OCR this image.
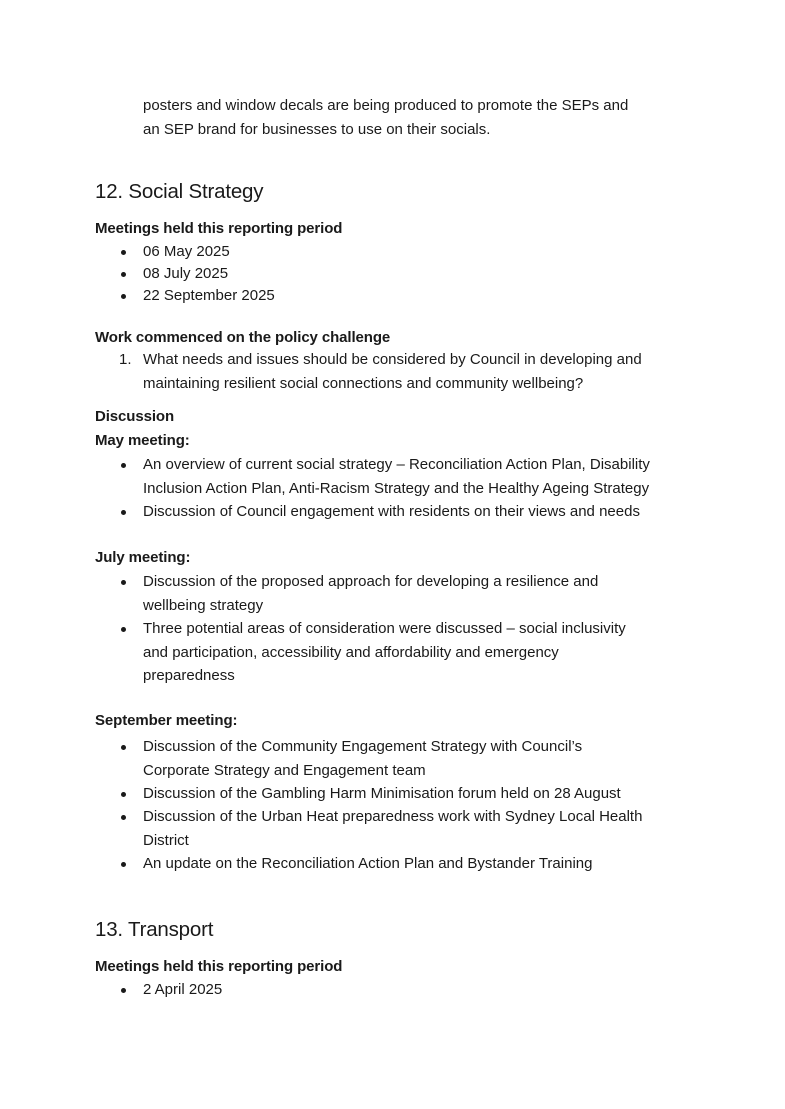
posters and window decals are being produced to promote the SEPs and
an SEP brand for businesses to use on their socials.

12. Social Strategy
Meetings held this reporting period
06 May 2025
08 July 2025
22 September 2025
Work commenced on the policy challenge
1. What needs and issues should be considered by Council in developing and
maintaining resilient social connections and community wellbeing?
Discussion
May meeting:
An overview of current social strategy – Reconciliation Action Plan, Disability
Inclusion Action Plan, Anti-Racism Strategy and the Healthy Ageing Strategy
Discussion of Council engagement with residents on their views and needs
July meeting:
Discussion of the proposed approach for developing a resilience and
wellbeing strategy
Three potential areas of consideration were discussed – social inclusivity
and participation, accessibility and affordability and emergency
preparedness
September meeting:
Discussion of the Community Engagement Strategy with Council’s
Corporate Strategy and Engagement team
Discussion of the Gambling Harm Minimisation forum held on 28 August
Discussion of the Urban Heat preparedness work with Sydney Local Health
District
An update on the Reconciliation Action Plan and Bystander Training
13. Transport
Meetings held this reporting period
2 April 2025
